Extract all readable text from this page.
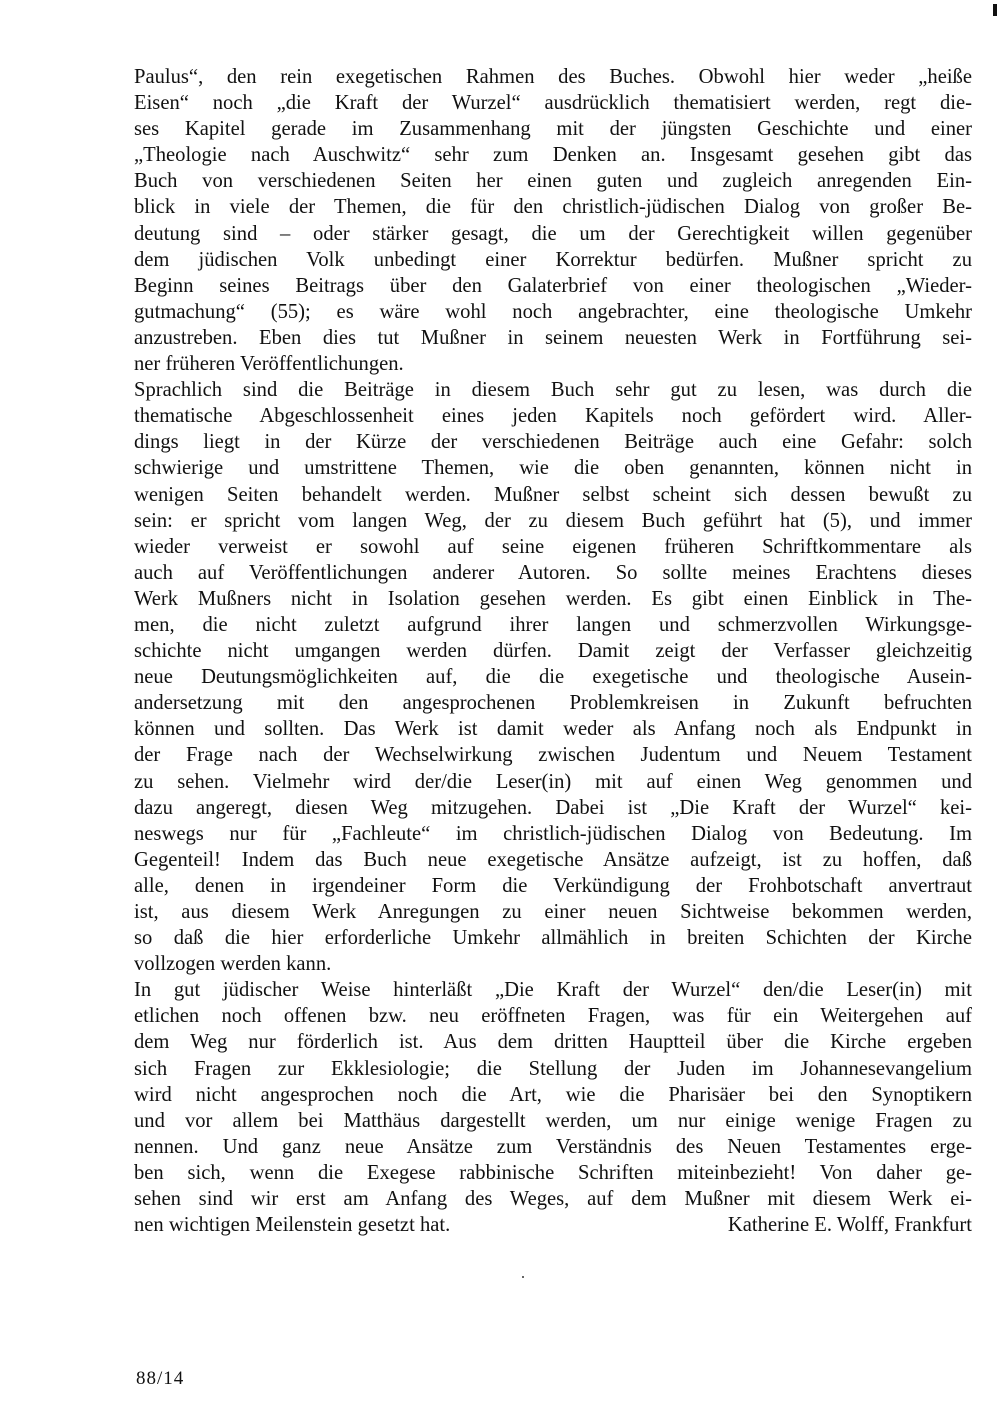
Paulus“, den rein exegetischen Rahmen des Buches. Obwohl hier weder „heiße
Eisen“ noch „die Kraft der Wurzel“ ausdrücklich thematisiert werden, regt die-
ses Kapitel gerade im Zusammenhang mit der jüngsten Geschichte und einer
„Theologie nach Auschwitz“ sehr zum Denken an. Insgesamt gesehen gibt das
Buch von verschiedenen Seiten her einen guten und zugleich anregenden Ein-
blick in viele der Themen, die für den christlich-jüdischen Dialog von großer Be-
deutung sind – oder stärker gesagt, die um der Gerechtigkeit willen gegenüber
dem jüdischen Volk unbedingt einer Korrektur bedürfen. Mußner spricht zu
Beginn seines Beitrags über den Galaterbrief von einer theologischen „Wieder-
gutmachung“ (55); es wäre wohl noch angebrachter, eine theologische Umkehr
anzustreben. Eben dies tut Mußner in seinem neuesten Werk in Fortführung sei-
ner früheren Veröffentlichungen.
Sprachlich sind die Beiträge in diesem Buch sehr gut zu lesen, was durch die
thematische Abgeschlossenheit eines jeden Kapitels noch gefördert wird. Aller-
dings liegt in der Kürze der verschiedenen Beiträge auch eine Gefahr: solch
schwierige und umstrittene Themen, wie die oben genannten, können nicht in
wenigen Seiten behandelt werden. Mußner selbst scheint sich dessen bewußt zu
sein: er spricht vom langen Weg, der zu diesem Buch geführt hat (5), und immer
wieder verweist er sowohl auf seine eigenen früheren Schriftkommentare als
auch auf Veröffentlichungen anderer Autoren. So sollte meines Erachtens dieses
Werk Mußners nicht in Isolation gesehen werden. Es gibt einen Einblick in The-
men, die nicht zuletzt aufgrund ihrer langen und schmerzvollen Wirkungsge-
schichte nicht umgangen werden dürfen. Damit zeigt der Verfasser gleichzeitig
neue Deutungsmöglichkeiten auf, die die exegetische und theologische Ausein-
andersetzung mit den angesprochenen Problemkreisen in Zukunft befruchten
können und sollten. Das Werk ist damit weder als Anfang noch als Endpunkt in
der Frage nach der Wechselwirkung zwischen Judentum und Neuem Testament
zu sehen. Vielmehr wird der/die Leser(in) mit auf einen Weg genommen und
dazu angeregt, diesen Weg mitzugehen. Dabei ist „Die Kraft der Wurzel“ kei-
neswegs nur für „Fachleute“ im christlich-jüdischen Dialog von Bedeutung. Im
Gegenteil! Indem das Buch neue exegetische Ansätze aufzeigt, ist zu hoffen, daß
alle, denen in irgendeiner Form die Verkündigung der Frohbotschaft anvertraut
ist, aus diesem Werk Anregungen zu einer neuen Sichtweise bekommen werden,
so daß die hier erforderliche Umkehr allmählich in breiten Schichten der Kirche
vollzogen werden kann.
In gut jüdischer Weise hinterläßt „Die Kraft der Wurzel“ den/die Leser(in) mit
etlichen noch offenen bzw. neu eröffneten Fragen, was für ein Weitergehen auf
dem Weg nur förderlich ist. Aus dem dritten Hauptteil über die Kirche ergeben
sich Fragen zur Ekklesiologie; die Stellung der Juden im Johannesevangelium
wird nicht angesprochen noch die Art, wie die Pharisäer bei den Synoptikern
und vor allem bei Matthäus dargestellt werden, um nur einige wenige Fragen zu
nennen. Und ganz neue Ansätze zum Verständnis des Neuen Testamentes erge-
ben sich, wenn die Exegese rabbinische Schriften miteinbezieht! Von daher ge-
sehen sind wir erst am Anfang des Weges, auf dem Mußner mit diesem Werk ei-
nen wichtigen Meilenstein gesetzt hat.	Katherine E. Wolff, Frankfurt
88/14
